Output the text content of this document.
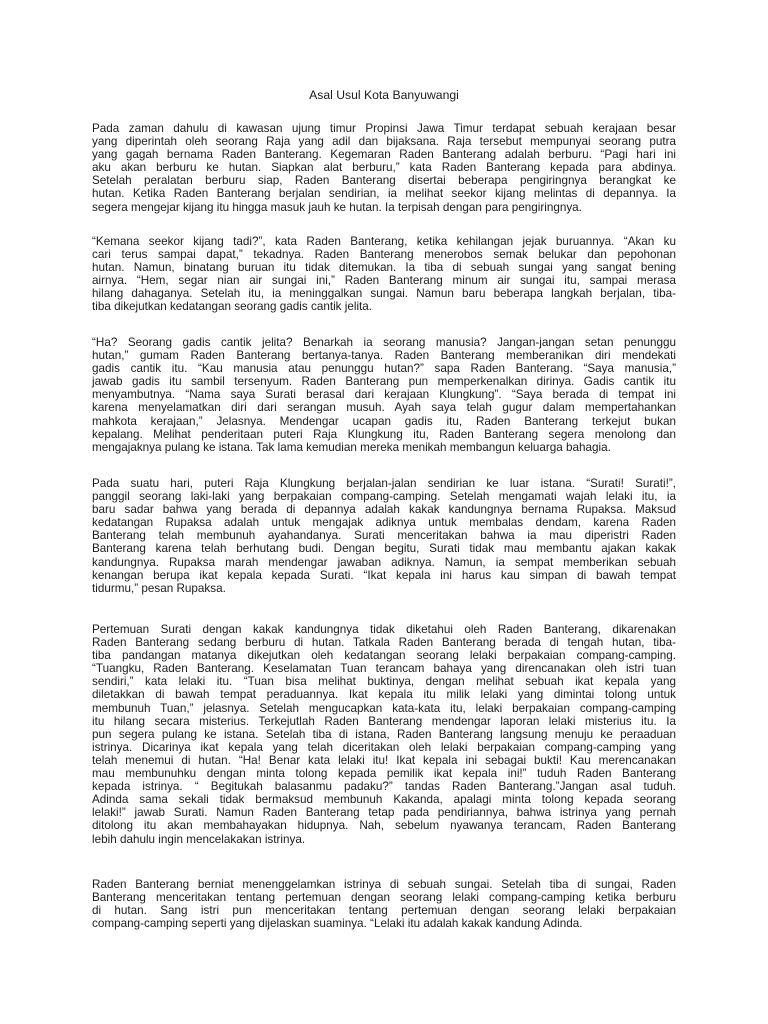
Asal Usul Kota Banyuwangi
Pada zaman dahulu di kawasan ujung timur Propinsi Jawa Timur terdapat sebuah kerajaan besar
yang diperintah oleh seorang Raja yang adil dan bijaksana. Raja tersebut mempunyai seorang putra
yang gagah bernama Raden Banterang. Kegemaran Raden Banterang adalah berburu. “Pagi hari ini
aku akan berburu ke hutan. Siapkan alat berburu,” kata Raden Banterang kepada para abdinya.
Setelah peralatan berburu siap, Raden Banterang disertai beberapa pengiringnya berangkat ke
hutan. Ketika Raden Banterang berjalan sendirian, ia melihat seekor kijang melintas di depannya. Ia
segera mengejar kijang itu hingga masuk jauh ke hutan. Ia terpisah dengan para pengiringnya.
“Kemana seekor kijang tadi?”, kata Raden Banterang, ketika kehilangan jejak buruannya. “Akan ku
cari terus sampai dapat,” tekadnya. Raden Banterang menerobos semak belukar dan pepohonan
hutan. Namun, binatang buruan itu tidak ditemukan. Ia tiba di sebuah sungai yang sangat bening
airnya. “Hem, segar nian air sungai ini,” Raden Banterang minum air sungai itu, sampai merasa
hilang dahaganya. Setelah itu, ia meninggalkan sungai. Namun baru beberapa langkah berjalan, tiba-
tiba dikejutkan kedatangan seorang gadis cantik jelita.
“Ha? Seorang gadis cantik jelita? Benarkah ia seorang manusia? Jangan-jangan setan penunggu
hutan,” gumam Raden Banterang bertanya-tanya. Raden Banterang memberanikan diri mendekati
gadis cantik itu. “Kau manusia atau penunggu hutan?” sapa Raden Banterang. “Saya manusia,”
jawab gadis itu sambil tersenyum. Raden Banterang pun memperkenalkan dirinya. Gadis cantik itu
menyambutnya. “Nama saya Surati berasal dari kerajaan Klungkung”. “Saya berada di tempat ini
karena menyelamatkan diri dari serangan musuh. Ayah saya telah gugur dalam mempertahankan
mahkota kerajaan,” Jelasnya. Mendengar ucapan gadis itu, Raden Banterang terkejut bukan
kepalang. Melihat penderitaan puteri Raja Klungkung itu, Raden Banterang segera menolong dan
mengajaknya pulang ke istana. Tak lama kemudian mereka menikah membangun keluarga bahagia.
Pada suatu hari, puteri Raja Klungkung berjalan-jalan sendirian ke luar istana. “Surati! Surati!”,
panggil seorang laki-laki yang berpakaian compang-camping. Setelah mengamati wajah lelaki itu, ia
baru sadar bahwa yang berada di depannya adalah kakak kandungnya bernama Rupaksa. Maksud
kedatangan Rupaksa adalah untuk mengajak adiknya untuk membalas dendam, karena Raden
Banterang telah membunuh ayahandanya. Surati menceritakan bahwa ia mau diperistri Raden
Banterang karena telah berhutang budi. Dengan begitu, Surati tidak mau membantu ajakan kakak
kandungnya. Rupaksa marah mendengar jawaban adiknya. Namun, ia sempat memberikan sebuah
kenangan berupa ikat kepala kepada Surati. “Ikat kepala ini harus kau simpan di bawah tempat
tidurmu,” pesan Rupaksa.
Pertemuan Surati dengan kakak kandungnya tidak diketahui oleh Raden Banterang, dikarenakan
Raden Banterang sedang berburu di hutan. Tatkala Raden Banterang berada di tengah hutan, tiba-
tiba pandangan matanya dikejutkan oleh kedatangan seorang lelaki berpakaian compang-camping.
“Tuangku, Raden Banterang. Keselamatan Tuan terancam bahaya yang direncanakan oleh istri tuan
sendiri,” kata lelaki itu. “Tuan bisa melihat buktinya, dengan melihat sebuah ikat kepala yang
diletakkan di bawah tempat peraduannya. Ikat kepala itu milik lelaki yang dimintai tolong untuk
membunuh Tuan,” jelasnya. Setelah mengucapkan kata-kata itu, lelaki berpakaian compang-camping
itu hilang secara misterius. Terkejutlah Raden Banterang mendengar laporan lelaki misterius itu. Ia
pun segera pulang ke istana. Setelah tiba di istana, Raden Banterang langsung menuju ke peraaduan
istrinya. Dicarinya ikat kepala yang telah diceritakan oleh lelaki berpakaian compang-camping yang
telah menemui di hutan. “Ha! Benar kata lelaki itu! Ikat kepala ini sebagai bukti! Kau merencanakan
mau membunuhku dengan minta tolong kepada pemilik ikat kepala ini!” tuduh Raden Banterang
kepada istrinya. “ Begitukah balasanmu padaku?” tandas Raden Banterang.”Jangan asal tuduh.
Adinda sama sekali tidak bermaksud membunuh Kakanda, apalagi minta tolong kepada seorang
lelaki!” jawab Surati. Namun Raden Banterang tetap pada pendiriannya, bahwa istrinya yang pernah
ditolong itu akan membahayakan hidupnya. Nah, sebelum nyawanya terancam, Raden Banterang
lebih dahulu ingin mencelakakan istrinya.
Raden Banterang berniat menenggelamkan istrinya di sebuah sungai. Setelah tiba di sungai, Raden
Banterang menceritakan tentang pertemuan dengan seorang lelaki compang-camping ketika berburu
di hutan. Sang istri pun menceritakan tentang pertemuan dengan seorang lelaki berpakaian
compang-camping seperti yang dijelaskan suaminya. “Lelaki itu adalah kakak kandung Adinda.
